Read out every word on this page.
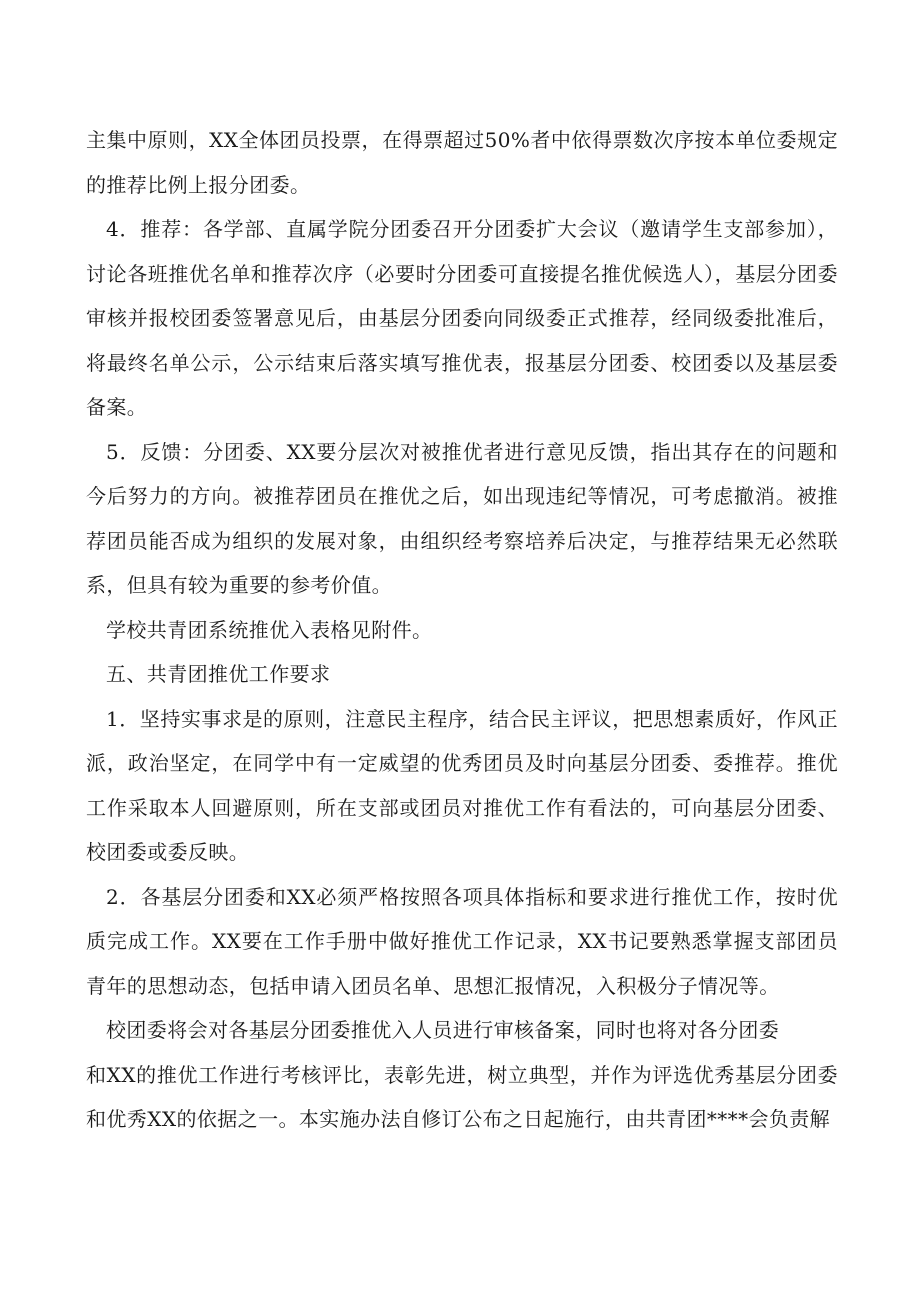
主集中原则，XX全体团员投票，在得票超过50%者中依得票数次序按本单位委规定的推荐比例上报分团委。

4．推荐：各学部、直属学院分团委召开分团委扩大会议（邀请学生支部参加），讨论各班推优名单和推荐次序（必要时分团委可直接提名推优候选人），基层分团委审核并报校团委签署意见后，由基层分团委向同级委正式推荐，经同级委批准后，将最终名单公示，公示结束后落实填写推优表，报基层分团委、校团委以及基层委备案。

5．反馈：分团委、XX要分层次对被推优者进行意见反馈，指出其存在的问题和今后努力的方向。被推荐团员在推优之后，如出现违纪等情况，可考虑撤消。被推荐团员能否成为组织的发展对象，由组织经考察培养后决定，与推荐结果无必然联系，但具有较为重要的参考价值。

学校共青团系统推优入表格见附件。

五、共青团推优工作要求

1．坚持实事求是的原则，注意民主程序，结合民主评议，把思想素质好，作风正派，政治坚定，在同学中有一定威望的优秀团员及时向基层分团委、委推荐。推优工作采取本人回避原则，所在支部或团员对推优工作有看法的，可向基层分团委、校团委或委反映。

2．各基层分团委和XX必须严格按照各项具体指标和要求进行推优工作，按时优质完成工作。XX要在工作手册中做好推优工作记录，XX书记要熟悉掌握支部团员青年的思想动态，包括申请入团员名单、思想汇报情况，入积极分子情况等。

校团委将会对各基层分团委推优入人员进行审核备案，同时也将对各分团委

和XX的推优工作进行考核评比，表彰先进，树立典型，并作为评选优秀基层分团委和优秀XX的依据之一。本实施办法自修订公布之日起施行，由共青团****会负责解
